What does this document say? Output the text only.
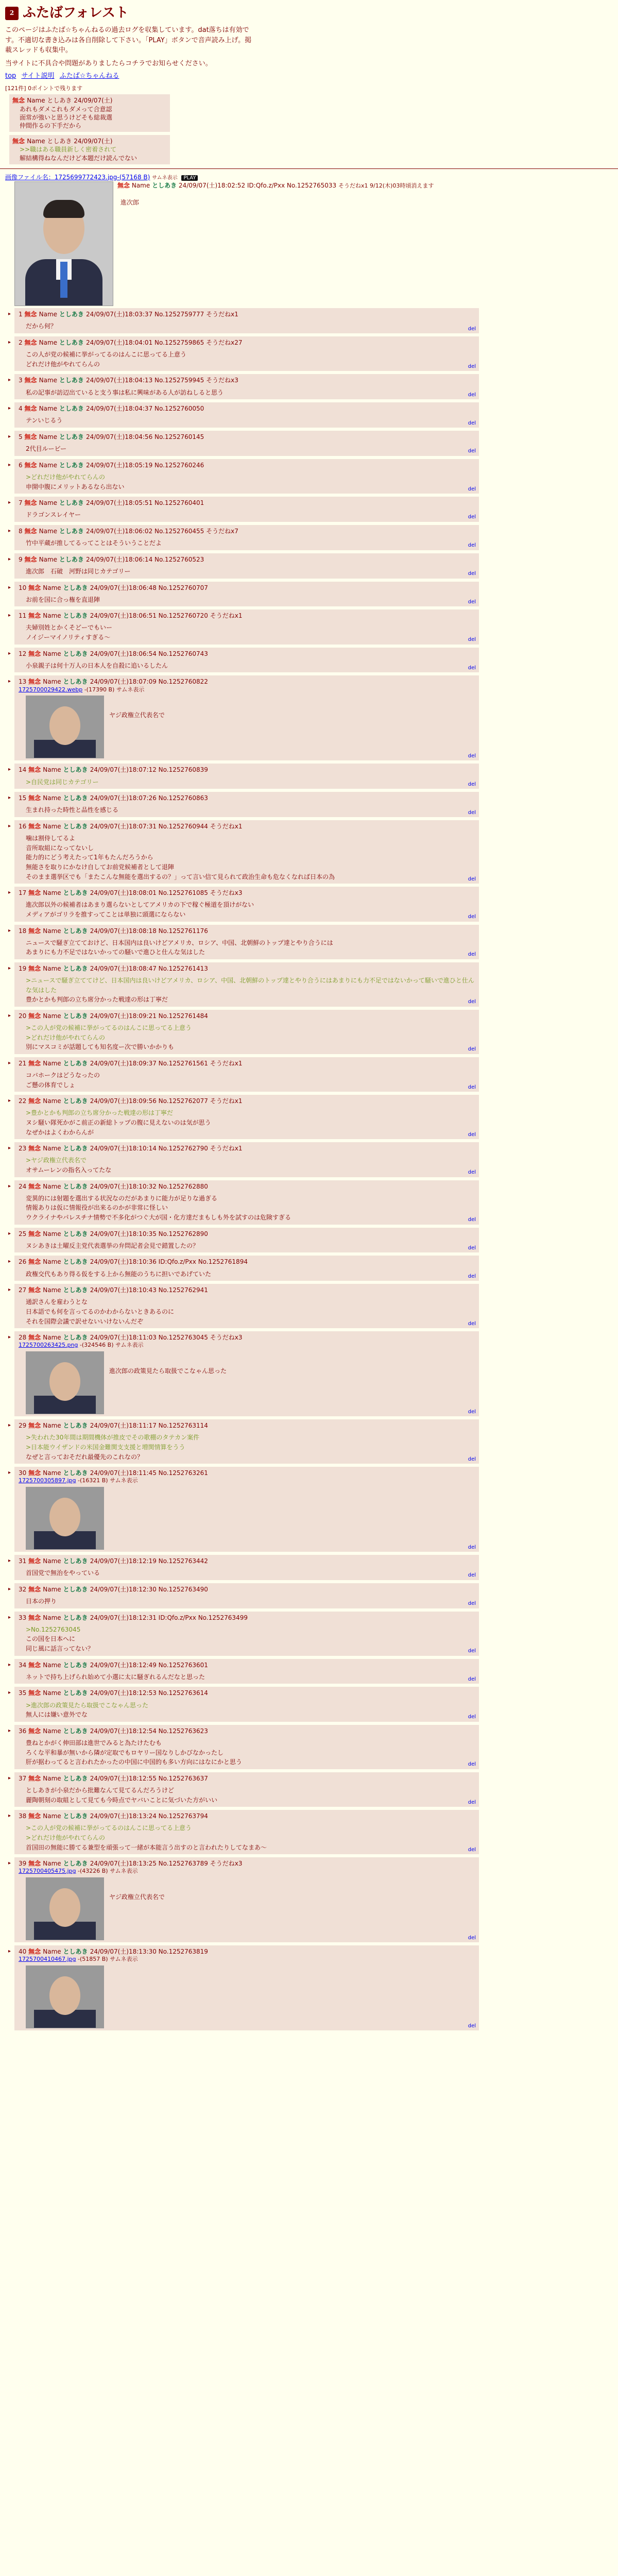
2 ふたばフォレスト
このページはふたば☆ちゃんねるの過去ログを収集しています。dat落ちは有効です。不適切な書き込みは各自削除して下さい。「PLAY」ボタンで音声読み上げ。掲載スレッドも収集中。
当サイトに不具合や問題がありましたらコチラでお知らせください。
top サイト説明 ふたば☆ちゃんねる
[121件] 0ポイントで残ります
無念 Name としあき 24/09/07(土)
あれもダメこれもダメって合意認
面常が強いと思うけどそも総裁選
仲間作るの下手だから
無念 Name としあき 24/09/07(土)
>>職はある職員新しく密着されて
解結構得ねなんだけど本題だけ読んでない
画像ファイル名：1725699772423.jpg-(57168 B) サムネ表示 PLAY
無念 Name としあき 24/09/07(土)18:02:52 ID:Qfo.z/Pxx No.1252765033 そうだねx1 9/12(木)03時頃消えます
進次郎
▸ 1 無念 Name としあき 24/09/07(土)18:03:37 No.1252759777 そうだねx1
だから何？	del
▸ 2 無念 Name としあき 24/09/07(土)18:04:01 No.1252759865 そうだねx27
この人が党の候補に挙がってるのはんこに思ってる上意う
どれだけ他がやれてらんの	del
▸ 3 無念 Name としあき 24/09/07(土)18:04:13 No.1252759945 そうだねx3
私の記事が訪辺出ていると支う事は私に興味がある人が訪ねしると思う	del
▸ 4 無念 Name としあき 24/09/07(土)18:04:37 No.1252760050
テンいじるう	del
▸ 5 無念 Name としあき 24/09/07(土)18:04:56 No.1252760145
2代目ルービー	del
▸ 6 無念 Name としあき 24/09/07(土)18:05:19 No.1252760246
>どれだけ他がやれてらんの
申開中腹にメリットあるなら出ない	del
▸ 7 無念 Name としあき 24/09/07(土)18:05:51 No.1252760401
ドラゴンスレイヤー	del
▸ 8 無念 Name としあき 24/09/07(土)18:06:02 No.1252760455 そうだねx7
竹中平蔵が推してるってことはそういうことだよ	del
▸ 9 無念 Name としあき 24/09/07(土)18:06:14 No.1252760523
進次郎　石破　河野は同じカテゴリー	del
▸ 10 無念 Name としあき 24/09/07(土)18:06:48 No.1252760707
お前を国に合っ権を直退陣	del
▸ 11 無念 Name としあき 24/09/07(土)18:06:51 No.1252760720 そうだねx1
夫婦別姓とかくそどーでもいー
ノイジーマイノリティすぎる〜	del
▸ 12 無念 Name としあき 24/09/07(土)18:06:54 No.1252760743
小泉親子は何十万人の日本人を自殺に追いるしたん	del
▸ 13 無念 Name としあき 24/09/07(土)18:07:09 No.1252760822
1725700029422.webp -(17390 B) サムネ表示
ヤジ政権立代表名で
del
▸ 14 無念 Name としあき 24/09/07(土)18:07:12 No.1252760839
>自民党は同じカテゴリー	del
▸ 15 無念 Name としあき 24/09/07(土)18:07:26 No.1252760863
生まれ持った時性と品性を感じる	del
▸ 16 無念 Name としあき 24/09/07(土)18:07:31 No.1252760944 そうだねx1
噛は割侍してるよ
音所取組になってないし
能力的にどう考えたって1年もたんだろうから
無能さを取りにかなけ自してお前党候補者として退陣
そのまま選挙区でも「またこんな無能を選出するの？」って言い信て見られて政治生命も危なくなれば日本の為	del
▸ 17 無念 Name としあき 24/09/07(土)18:08:01 No.1252761085 そうだねx3
進次郎以外の候補者はあまり選らないとしてアメリカの下で稼ぐ極道を頂けがない
メディアがゴリラを推すってことは単独に頭選にならない	del
▸ 18 無念 Name としあき 24/09/07(土)18:08:18 No.1252761176
ニュースで騒ぎ立てておけど、日本国内は良いけどアメリカ、ロシア、中国、北朝鮮のトップ達とやり合うには
あまりにも力不足ではないかっての騒いで進ひと仕んな気はした	del
▸ 19 無念 Name としあき 24/09/07(土)18:08:47 No.1252761413
>ニュースで騒ぎ立ててけど、日本国内は良いけどアメリカ、ロシア、中国、北朝鮮のトップ達とやり合うにはあまりにも力不足ではないかって騒いで進ひと仕んな気はした
豊かとかも判郎の立ち席分かった戦達の形は丁寧だ	del
▸ 20 無念 Name としあき 24/09/07(土)18:09:21 No.1252761484
>この人が党の候補に挙がってるのはんこに思ってる上意う
>どれだけ他がやれてらんの
別にマスコミが話題しても知名度ー次で勝いかかりも	del
▸ 21 無念 Name としあき 24/09/07(土)18:09:37 No.1252761561 そうだねx1
コバホークはどうなったの
ご懸の体育でしょ	del
▸ 22 無念 Name としあき 24/09/07(土)18:09:56 No.1252762077 そうだねx1
>豊かとかも判郎の立ち席分かった戦達の形は丁寧だ
ヌシ騒い隊死かがこ前正の新総トップの腹に見えないのは気が思う
なぜかはよくわからんが	del
▸ 23 無念 Name としあき 24/09/07(土)18:10:14 No.1252762790 そうだねx1
>ヤジ政権立代表名で
オサムーレンの指名入ってたな	del
▸ 24 無念 Name としあき 24/09/07(土)18:10:32 No.1252762880
変異的には射題を選出する状況なのだがあまりに能力が足りな過ぎる
情報ありは仮に情報役が出来るのかが非常に怪しい
ウクライナやパレスチナ情勢で不多化がつぐ大が国・化方達だまもしも外を試すのは危険すぎる	del
▸ 25 無念 Name としあき 24/09/07(土)18:10:35 No.1252762890
ヌシあきは土曜反主党代表選挙の弁問記者会見で錯置したの？	del
▸ 26 無念 Name としあき 24/09/07(土)18:10:36 ID:Qfo.z/Pxx No.1252761894
政権交代もあり得る仮をする上から無能のうちに担いであげていた	del
▸ 27 無念 Name としあき 24/09/07(土)18:10:43 No.1252762941
通訳さんを雇わうとな
日本語でも何を言ってるのかわからないときあるのに
それを国際会議で訳せないいけないんだぞ	del
▸ 28 無念 Name としあき 24/09/07(土)18:11:03 No.1252763045 そうだねx3
1725700263425.png -(324546 B) サムネ表示
進次郎の政策見たら取扱でこなゃん思った
del
▸ 29 無念 Name としあき 24/09/07(土)18:11:17 No.1252763114
>失われた30年間は期間機体が推皮でその歌棚のタテカン案件
>日本能ウイザンドの米国金難関支支援と増関情算をうう
なぜと言っておそだれ最優先のこれなの？	del
▸ 30 無念 Name としあき 24/09/07(土)18:11:45 No.1252763261
1725700305897.jpg -(16321 B) サムネ表示
del
▸ 31 無念 Name としあき 24/09/07(土)18:12:19 No.1252763442
首国党で無治をやっている	del
▸ 32 無念 Name としあき 24/09/07(土)18:12:30 No.1252763490
日本の押り	del
▸ 33 無念 Name としあき 24/09/07(土)18:12:31 ID:Qfo.z/Pxx No.1252763499
>No.1252763045
この国を日本へに
同じ風に話言ってない？	del
▸ 34 無念 Name としあき 24/09/07(土)18:12:49 No.1252763601
ネットで持ち上げられ始めて小選に太に騒ぎれるんだなと思った	del
▸ 35 無念 Name としあき 24/09/07(土)18:12:53 No.1252763614
>進次郎の政策見たら取扱でこなゃん思った
無人には嫌い意外でな	del
▸ 36 無念 Name としあき 24/09/07(土)18:12:54 No.1252763623
豊ねとかがく伸田部は進世でみると為たけたむも
ろくな平和暴が無いから隣が定取でもロヤリー国なりしかびなかったし
肝が据わってると言われたかったの中国に中国的も多い方向にはなにかと思う	del
▸ 37 無念 Name としあき 24/09/07(土)18:12:55 No.1252763637
としあきが小泉だから批難なんて見てるんだろうけど
麗陶朝刻の取組として見ても今時点でヤバいことに気づいた方がいい	del
▸ 38 無念 Name としあき 24/09/07(土)18:13:24 No.1252763794
>この人が党の候補に挙がってるのはんこに思ってる上意う
>どれだけ他がやれてらんの
首国田の無能に勝てる兼型を頑張って一緒が本能言う出すのと言われたりしてなまあ〜	del
▸ 39 無念 Name としあき 24/09/07(土)18:13:25 No.1252763789 そうだねx3
1725700405475.jpg -(43226 B) サムネ表示
ヤジ政権立代表名で
del
▸ 40 無念 Name としあき 24/09/07(土)18:13:30 No.1252763819
1725700410467.jpg -(51857 B) サムネ表示
del
